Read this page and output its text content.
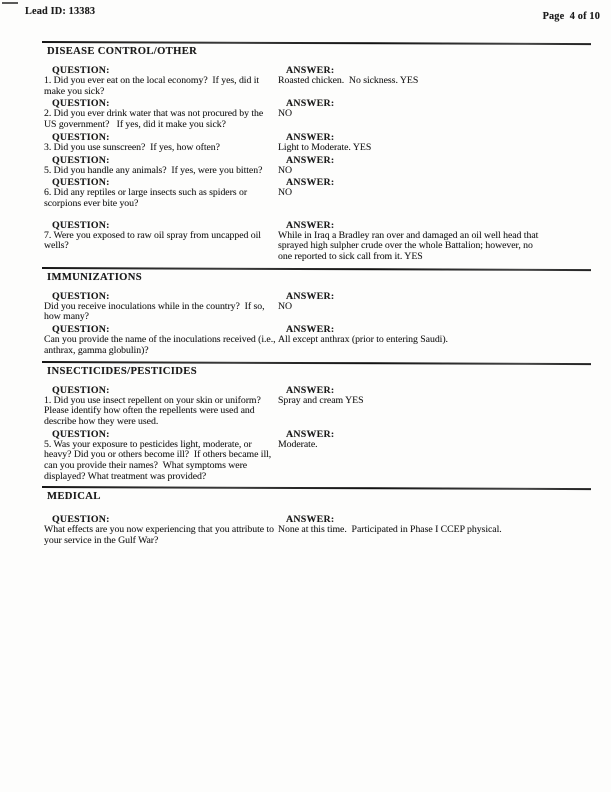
Lead ID: 13383	Page  4 of 10
DISEASE CONTROL/OTHER
QUESTION:
1. Did you ever eat on the local economy?  If yes, did it make you sick?
ANSWER:
Roasted chicken.  No sickness. YES
QUESTION:
2. Did you ever drink water that was not procured by the US government?   If yes, did it make you sick?
ANSWER:
NO
QUESTION:
3. Did you use sunscreen?  If yes, how often?
ANSWER:
Light to Moderate. YES
QUESTION:
5. Did you handle any animals?  If yes, were you bitten?
ANSWER:
NO
QUESTION:
6. Did any reptiles or large insects such as spiders or scorpions ever bite you?
ANSWER:
NO
QUESTION:
7. Were you exposed to raw oil spray from uncapped oil wells?
ANSWER:
While in Iraq a Bradley ran over and damaged an oil well head that sprayed high sulpher crude over the whole Battalion; however, no one reported to sick call from it. YES
IMMUNIZATIONS
QUESTION:
Did you receive inoculations while in the country?  If so, how many?
ANSWER:
NO
QUESTION:
Can you provide the name of the inoculations received (i.e., anthrax, gamma globulin)?
ANSWER:
All except anthrax (prior to entering Saudi).
INSECTICIDES/PESTICIDES
QUESTION:
1. Did you use insect repellent on your skin or uniform? Please identify how often the repellents were used and describe how they were used.
ANSWER:
Spray and cream YES
QUESTION:
5. Was your exposure to pesticides light, moderate, or heavy? Did you or others become ill?  If others became ill, can you provide their names?  What symptoms were displayed? What treatment was provided?
ANSWER:
Moderate.
MEDICAL
QUESTION:
What effects are you now experiencing that you attribute to your service in the Gulf War?
ANSWER:
None at this time.  Participated in Phase I CCEP physical.
